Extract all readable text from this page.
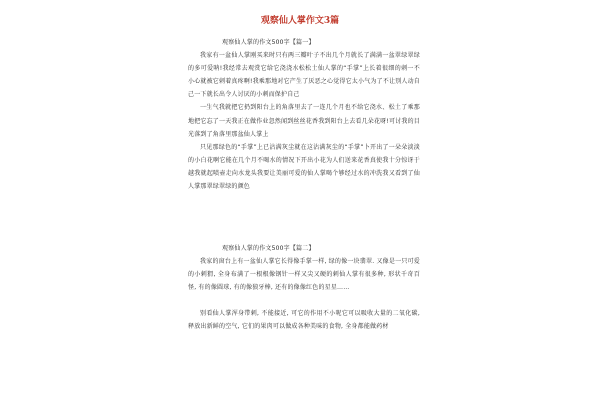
观察仙人掌作文3篇

观察仙人掌的作文500字【篇一】

我家有一盆仙人掌刚买来时只有两三瓣叶子不出几个月就长了满满一盆翠绿翠绿的多可爱呐!我经常去观赏它给它浇浇水松松土仙人掌的“手掌”上长着很细的刺一不小心就被它刺着真疼啊!我乘那地对它产生了厌恶之心觉得它太小气为了不让别人动自己一下就长出令人讨厌的小刺而保护自己

一生气我就把它扔到阳台上的角落里去了一连几个月也不给它浇水、松土了乘那地把它忘了一天我正在做作业忽然闻到丝丝花香我到阳台上去看几朵花呀!可讨我的目光落到了角落里那盆仙人掌上

只见那绿色的“手掌”上已沾满灰尘就在这沾满灰尘的“手掌”卜开出了一朵朵淡淡的小白花啊它能在几个月不喝水的情况下开出小花为人们送来花香真使我十分惊讶于越我就起喷壶走向水龙头我要让美丽可爱的仙人掌喝个够经过水的冲洗我又看到了仙人掌那翠绿翠绿的颜色

观察仙人掌的作文500字【篇二】

我家的窗台上有一盆仙人掌它长得像手掌一样, 绿的像一块翡翠. 又像是一只可爱的小刺猬, 全身布满了一根根像钢针一样又尖又硬的刺仙人掌有很多种, 形状千奇百怪, 有的像圆球, 有的像狼牙棒, 还有的像像红色的星星……

别看仙人掌浑身带刺, 不能接近, 可它的作用不小呢它可以吸收大量的二氧化碳, 释放出新鲜的空气, 它们的果肉可以做成各种美味的食物, 全身都能做药材
